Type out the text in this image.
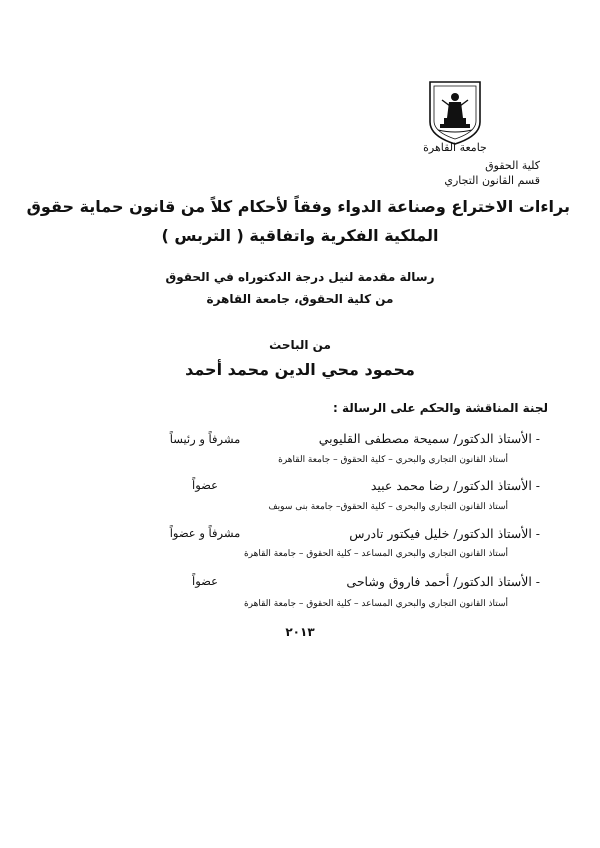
جامعة القاهرة
كلية الحقوق
قسم القانون التجاري
براءات الاختراع وصناعة الدواء وفقاً لأحكام كلاً من قانون حماية حقوق
الملكية الفكرية واتفاقية ( التربس )
رسالة مقدمة لنيل درجة الدكتوراه في الحقوق
من كلية الحقوق، جامعة القاهرة
من الباحث
محمود محي الدين محمد أحمد
لجنة المناقشة والحكم على الرسالة :
- الأستاذ الدكتور/ سميحة مصطفى القليوبي
مشرفاً و رئيساً
أستاذ القانون التجاري والبحري – كلية الحقوق – جامعة القاهرة
- الأستاذ الدكتور/ رضا محمد عبيد
عضواً
أستاذ القانون التجاري والبحرى – كلية الحقوق– جامعة بنى سويف
- الأستاذ الدكتور/ خليل فيكتور تادرس
مشرفاً و عضواً
أستاذ القانون التجاري والبحري المساعد – كلية الحقوق – جامعة القاهرة
- الأستاذ الدكتور/ أحمد فاروق وشاحى
عضواً
أستاذ القانون التجاري والبحري المساعد – كلية الحقوق – جامعة القاهرة
٢٠١٣
